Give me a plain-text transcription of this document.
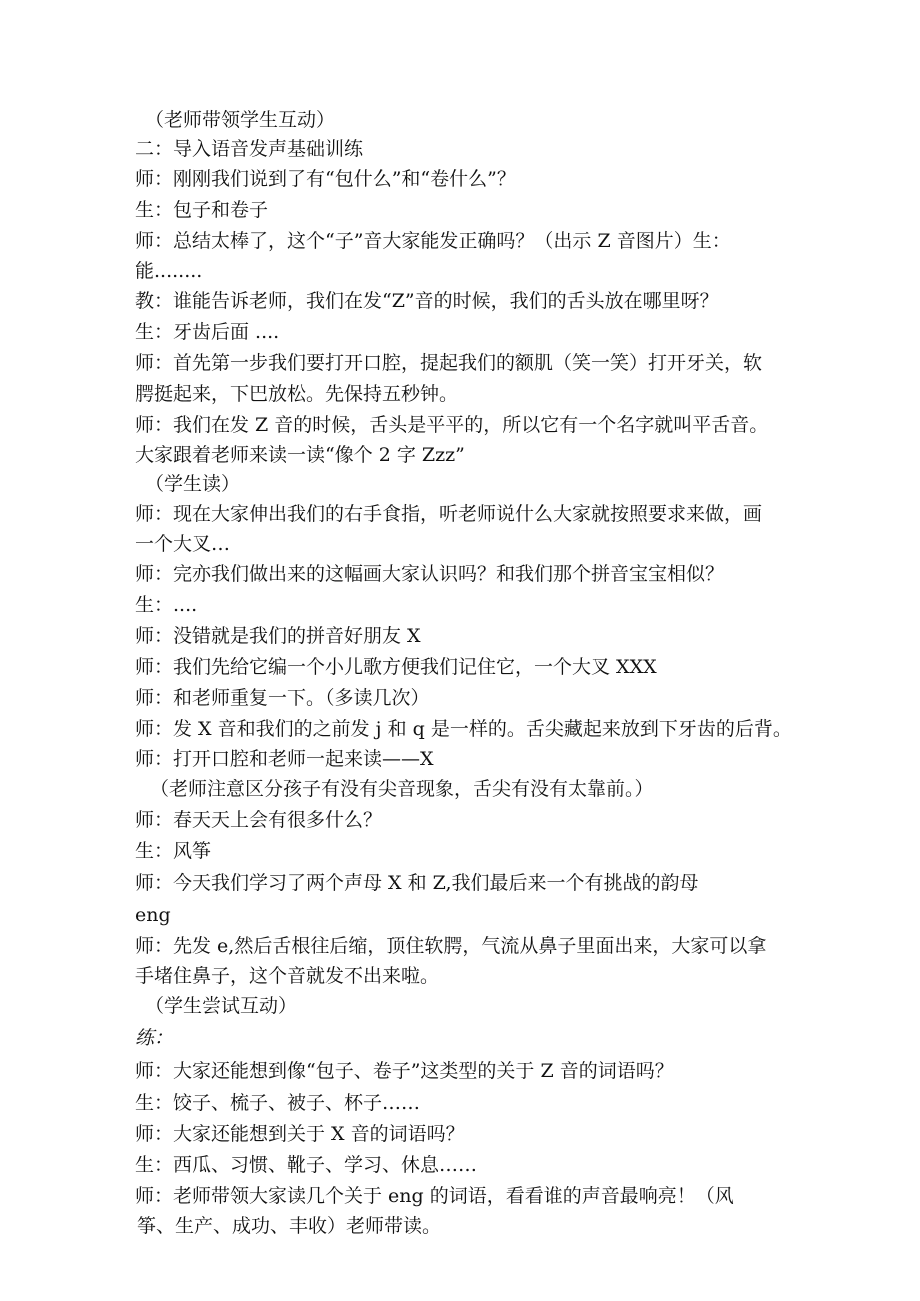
（老师带领学生互动）
二：导入语音发声基础训练
师：刚刚我们说到了有“包什么”和“卷什么”？
生：包子和卷子
师：总结太棒了，这个“子”音大家能发正确吗？（出示 Z 音图片）生：
能........
教：谁能告诉老师，我们在发“Z”音的时候，我们的舌头放在哪里呀？
生：牙齿后面 ....
师：首先第一步我们要打开口腔，提起我们的额肌（笑一笑）打开牙关，软
腭挺起来，下巴放松。先保持五秒钟。
师：我们在发 Z 音的时候，舌头是平平的，所以它有一个名字就叫平舌音。
大家跟着老师来读一读“像个 2 字 Zzz”
（学生读）
师：现在大家伸出我们的右手食指，听老师说什么大家就按照要求来做，画
一个大叉…
师：完亦我们做出来的这幅画大家认识吗？和我们那个拼音宝宝相似？
生：....
师：没错就是我们的拼音好朋友 X
师：我们先给它编一个小儿歌方便我们记住它，一个大叉 XXX
师：和老师重复一下。（多读几次）
师：发 X 音和我们的之前发 j 和 q 是一样的。舌尖藏起来放到下牙齿的后背。
师：打开口腔和老师一起来读——X
（老师注意区分孩子有没有尖音现象，舌尖有没有太靠前。）
师：春天天上会有很多什么？
生：风筝
师：今天我们学习了两个声母 X 和 Z,我们最后来一个有挑战的韵母
eng
师：先发 e,然后舌根往后缩，顶住软腭，气流从鼻子里面出来，大家可以拿
手堵住鼻子，这个音就发不出来啦。
（学生尝试互动）
练：
师：大家还能想到像“包子、卷子”这类型的关于 Z 音的词语吗？
生：饺子、梳子、被子、杯子……
师：大家还能想到关于 X 音的词语吗？
生：西瓜、习惯、靴子、学习、休息……
师：老师带领大家读几个关于 eng 的词语，看看谁的声音最响亮！（风
筝、生产、成功、丰收）老师带读。
